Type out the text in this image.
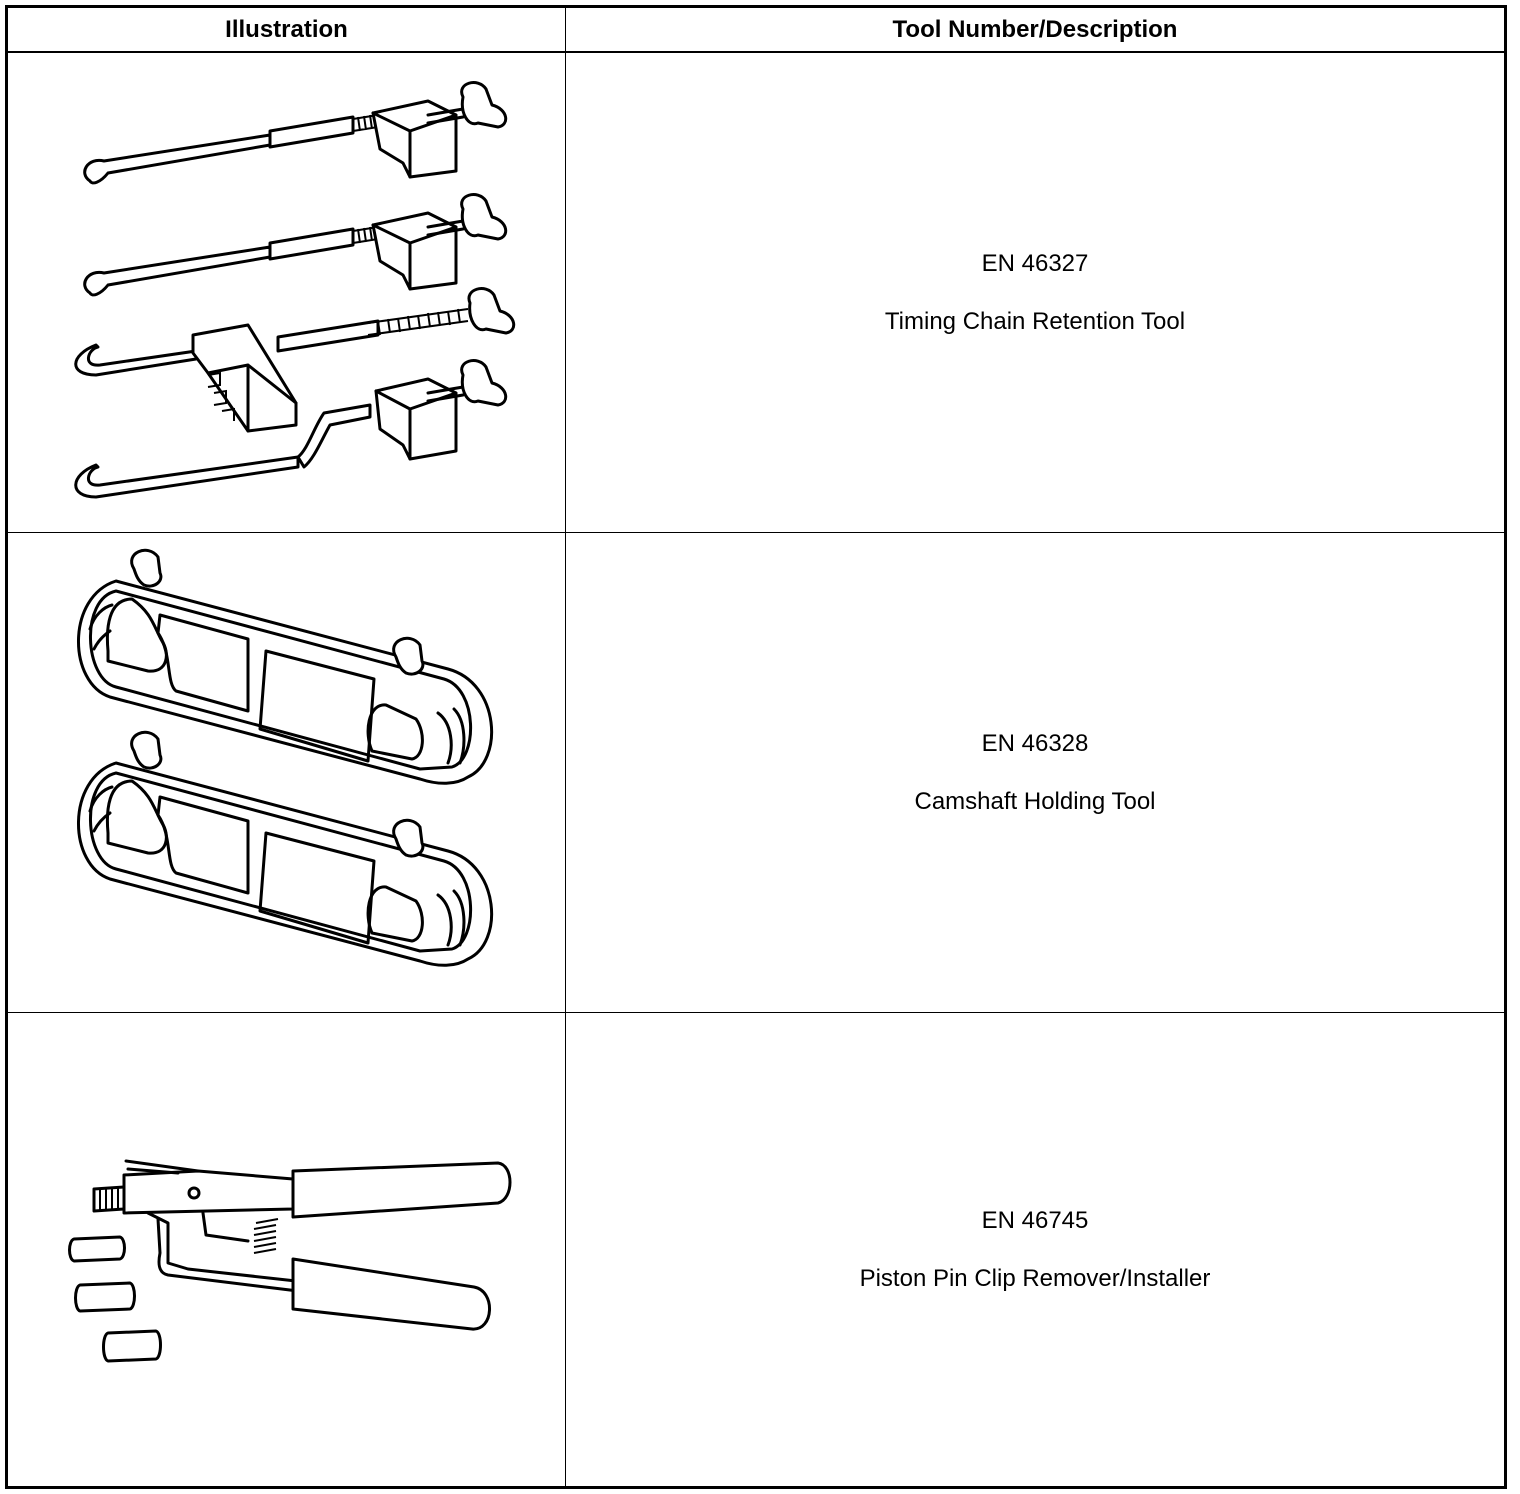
Illustration	Tool Number/Description
EN 46327
Timing Chain Retention Tool
EN 46328
Camshaft Holding Tool
EN 46745
Piston Pin Clip Remover/Installer
